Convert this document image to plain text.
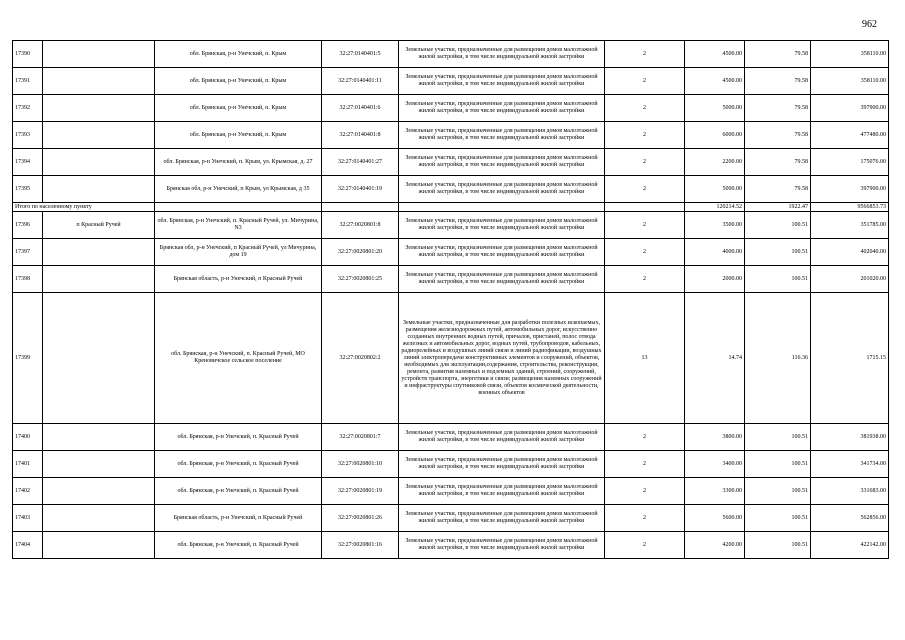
962
17390		обл. Брянская, р-н Унечский, п. Крым	32:27:0140401:5	Земельные участки, предназначенные для размещения домов малоэтажной жилой застройки, в том числе индивидуальной жилой застройки	2	4500.00	79.58	358110.00
17391		обл. Брянская, р-н Унечский, п. Крым	32:27:0140401:11	Земельные участки, предназначенные для размещения домов малоэтажной жилой застройки, в том числе индивидуальной жилой застройки	2	4500.00	79.58	358110.00
17392		обл. Брянская, р-н Унечский, п. Крым	32:27:0140401:6	Земельные участки, предназначенные для размещения домов малоэтажной жилой застройки, в том числе индивидуальной жилой застройки	2	5000.00	79.58	397900.00
17393		обл. Брянская, р-н Унечский, п. Крым	32:27:0140401:8	Земельные участки, предназначенные для размещения домов малоэтажной жилой застройки, в том числе индивидуальной жилой застройки	2	6000.00	79.58	477480.00
17394		обл. Брянская, р-н Унечский, п. Крым, ул. Крымская, д. 27	32:27:0140401:27	Земельные участки, предназначенные для размещения домов малоэтажной жилой застройки, в том числе индивидуальной жилой застройки	2	2200.00	79.58	175076.00
17395		Брянская обл, р-н Унечский, п Крым, ул Крымская, д 35	32:27:0140401:19	Земельные участки, предназначенные для размещения домов малоэтажной жилой застройки, в том числе индивидуальной жилой застройки	2	5000.00	79.58	397900.00
Итого по населенному пункту						120214.52	1922.47	9566853.73
17396	п Красный Ручей	обл. Брянская, р-н Унечский, п. Красный Ручей, ул. Мичурина, N3	32:27:0020801:8	Земельные участки, предназначенные для размещения домов малоэтажной жилой застройки, в том числе индивидуальной жилой застройки	2	3500.00	100.51	351785.00
17397		Брянская обл, р-н Унечский, п Красный Ручей, ул Мичурина, дом 19	32:27:0020801:20	Земельные участки, предназначенные для размещения домов малоэтажной жилой застройки, в том числе индивидуальной жилой застройки	2	4000.00	100.51	402040.00
17398		Брянская область, р-н Унечский, п Красный Ручей	32:27:0020801:25	Земельные участки, предназначенные для размещения домов малоэтажной жилой застройки, в том числе индивидуальной жилой застройки	2	2000.00	100.51	201020.00
17399		обл. Брянская, р-н Унечский, п. Красный Ручей, МО Креновичское сельское поселение	32:27:0020802:2	Земельные участки, предназначенные для разработки полезных ископаемых, размещения железнодорожных путей, автомобильных дорог, искусственно созданных внутренних водных путей, причалов, пристаней, полос отвода железных и автомобильных дорог, водных путей, трубопроводов, кабельных, радиорелейных и воздушных линий связи и линий радиофикации, воздушных линий электропередачи конструктивных элементов и сооружений, объектов, необходимых для эксплуатации,содержания, строительства, реконструкции, ремонта, развития наземных и подземных зданий, строений, сооружений, устройств транспорта, энергетики и связи; размещения наземных сооружений и инфраструктуры спутниковой связи, объектов космической деятельности, военных объектов	13	14.74	116.36	1715.15
17400		обл. Брянская, р-н Унечский, п. Красный Ручей	32:27:0020801:7	Земельные участки, предназначенные для размещения домов малоэтажной жилой застройки, в том числе индивидуальной жилой застройки	2	3800.00	100.51	381938.00
17401		обл. Брянская, р-н Унечский, п. Красный Ручей	32:27:0020801:10	Земельные участки, предназначенные для размещения домов малоэтажной жилой застройки, в том числе индивидуальной жилой застройки	2	3400.00	100.51	341734.00
17402		обл. Брянская, р-н Унечский, п. Красный Ручей	32:27:0020801:19	Земельные участки, предназначенные для размещения домов малоэтажной жилой застройки, в том числе индивидуальной жилой застройки	2	3300.00	100.51	331683.00
17403		Брянская область, р-н Унечский, п Красный Ручей	32:27:0020801:26	Земельные участки, предназначенные для размещения домов малоэтажной жилой застройки, в том числе индивидуальной жилой застройки	2	5600.00	100.51	562856.00
17404		обл. Брянская, р-н Унечский, п. Красный Ручей	32:27:0020801:16	Земельные участки, предназначенные для размещения домов малоэтажной жилой застройки, в том числе индивидуальной жилой застройки	2	4200.00	100.51	422142.00
